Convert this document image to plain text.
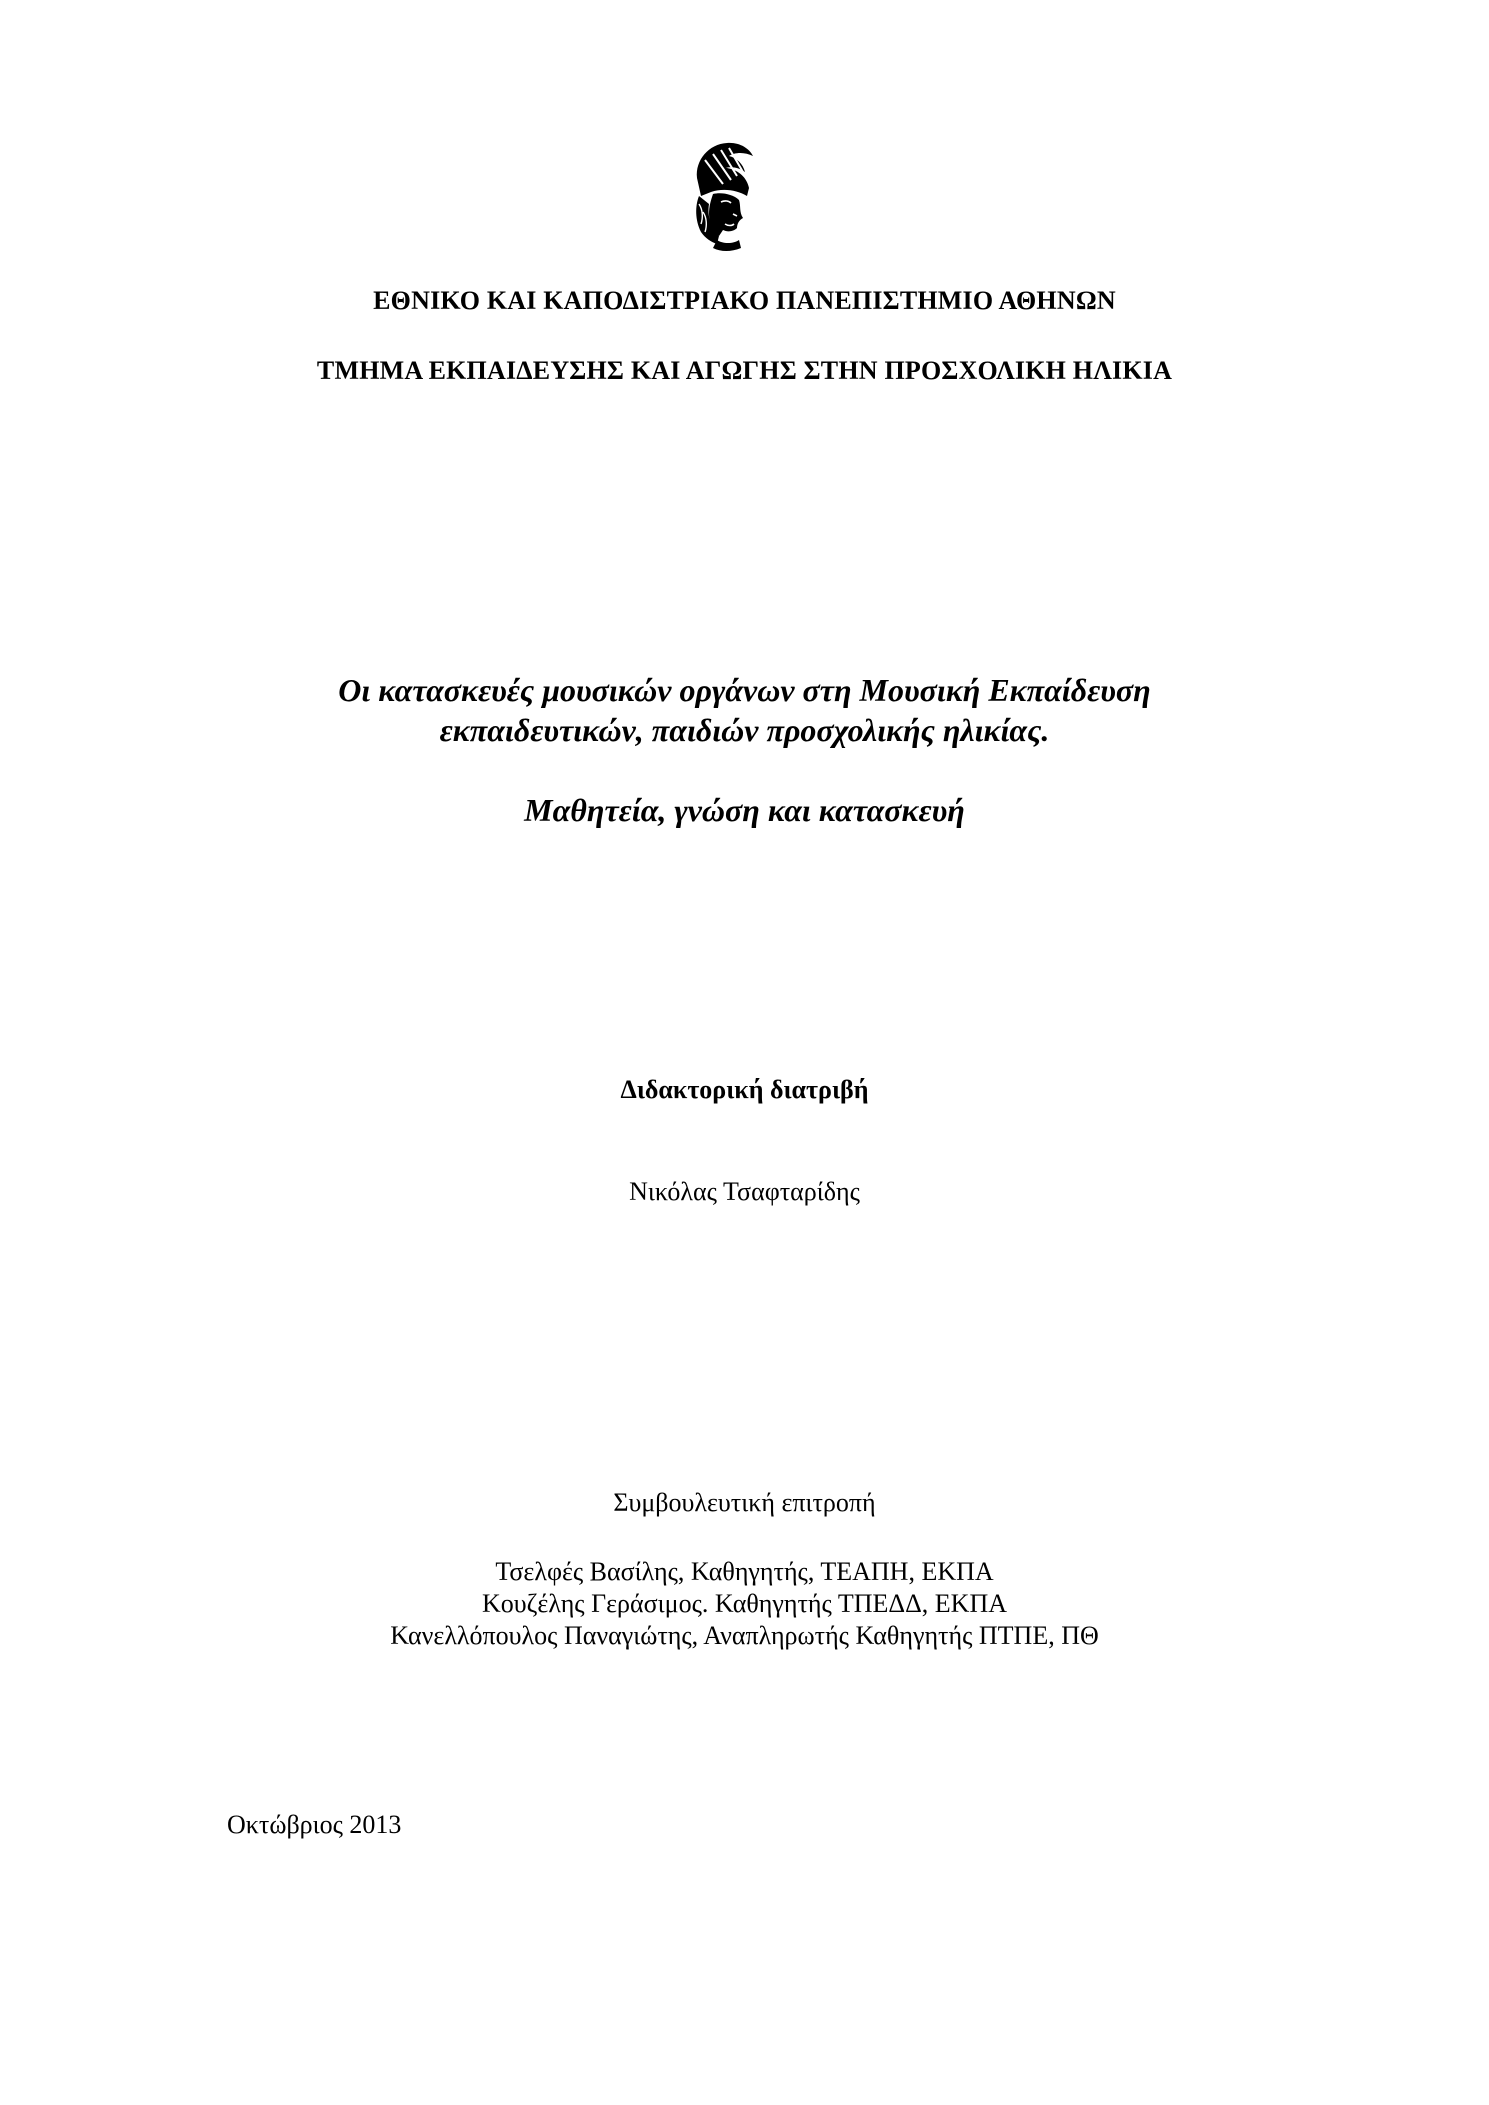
ΕΘΝΙΚΟ ΚΑΙ ΚΑΠΟΔΙΣΤΡΙΑΚΟ ΠΑΝΕΠΙΣΤΗΜΙΟ ΑΘΗΝΩΝ
ΤΜΗΜΑ ΕΚΠΑΙΔΕΥΣΗΣ ΚΑΙ ΑΓΩΓΗΣ ΣΤΗΝ ΠΡΟΣΧΟΛΙΚΗ ΗΛΙΚΙΑ
Οι κατασκευές μουσικών οργάνων στη Μουσική Εκπαίδευση
εκπαιδευτικών, παιδιών προσχολικής ηλικίας.
Μαθητεία, γνώση και κατασκευή
Διδακτορική διατριβή
Νικόλας Τσαφταρίδης
Συμβουλευτική επιτροπή
Τσελφές Βασίλης, Καθηγητής, ΤΕΑΠΗ, ΕΚΠΑ
Κουζέλης Γεράσιμος. Καθηγητής ΤΠΕΔΔ, ΕΚΠΑ
Κανελλόπουλος Παναγιώτης, Αναπληρωτής Καθηγητής ΠΤΠΕ, ΠΘ
Οκτώβριος 2013
